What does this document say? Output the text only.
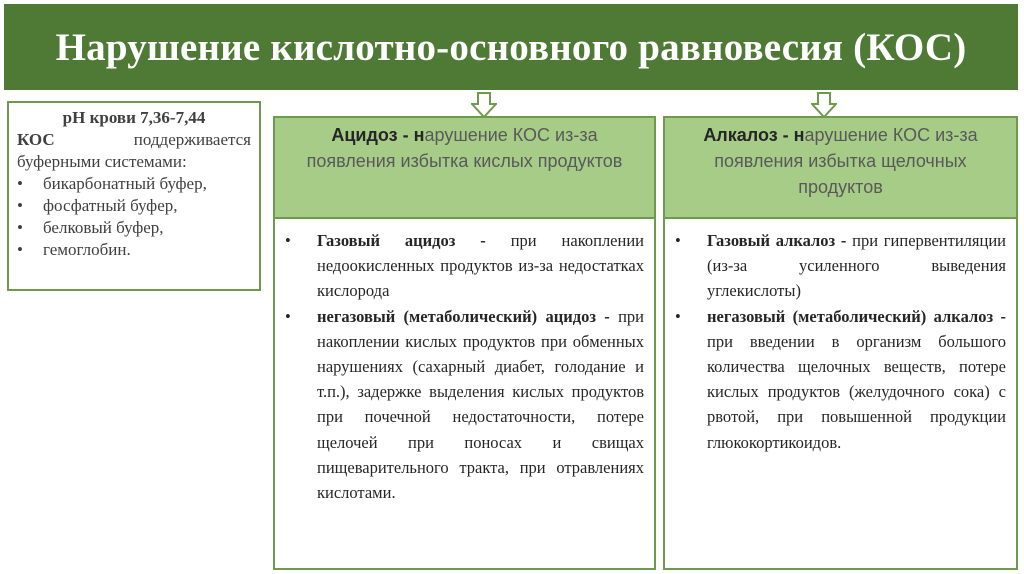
Нарушение кислотно-основного равновесия (КОС)
pH крови 7,36-7,44
КОС	поддерживается
буферными системами:
•	бикарбонатный буфер,
•	фосфатный буфер,
•	белковый буфер,
•	гемоглобин.
Ацидоз - нарушение КОС из-за появления избытка кислых продуктов
•	Газовый ацидоз - при накоплении недоокисленных продуктов из-за недостатках кислорода
•	негазовый (метаболический) ацидоз - при накоплении кислых продуктов при обменных нарушениях (сахарный диабет, голодание и т.п.), задержке выделения кислых продуктов при почечной недостаточности, потере щелочей при поносах и свищах пищеварительного тракта, при отравлениях кислотами.
Алкалоз - нарушение КОС из-за появления избытка щелочных продуктов
•	Газовый алкалоз - при гипервентиляции (из-за усиленного выведения углекислоты)
•	негазовый (метаболический) алкалоз - при введении в организм большого количества щелочных веществ, потере кислых продуктов (желудочного сока) с рвотой, при повышенной продукции глюкокортикоидов.
